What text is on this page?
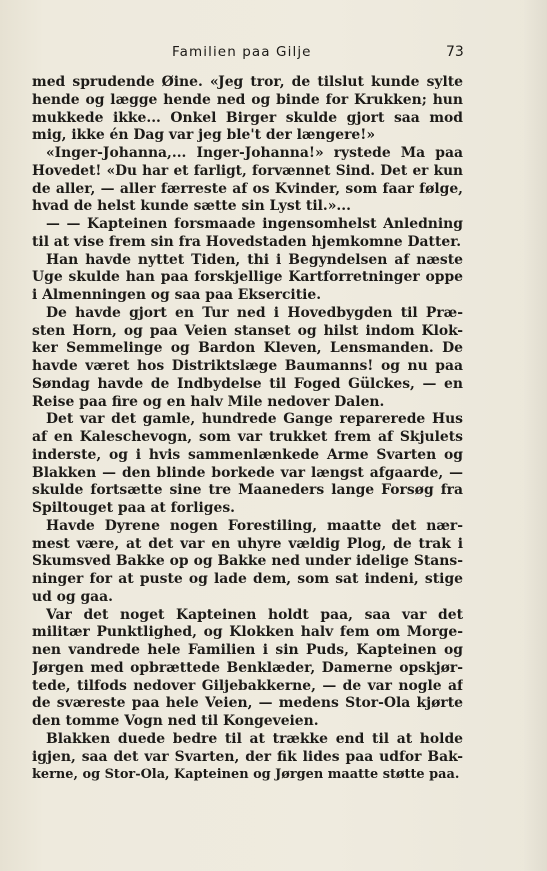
Familien paa Gilje	73
med sprudende Øine. «Jeg tror, de tilslut kunde sylte
hende og lægge hende ned og binde for Krukken; hun
mukkede ikke... Onkel Birger skulde gjort saa mod
mig, ikke én Dag var jeg ble't der længere!»
«Inger-Johanna,... Inger-Johanna!» rystede Ma paa
Hovedet! «Du har et farligt, forvænnet Sind. Det er kun
de aller, — aller færreste af os Kvinder, som faar følge,
hvad de helst kunde sætte sin Lyst til.»...
— — Kapteinen forsmaade ingensomhelst Anledning
til at vise frem sin fra Hovedstaden hjemkomne Datter.
Han havde nyttet Tiden, thi i Begyndelsen af næste
Uge skulde han paa forskjellige Kartforretninger oppe
i Almenningen og saa paa Eksercitie.
De havde gjort en Tur ned i Hovedbygden til Præ-
sten Horn, og paa Veien stanset og hilst indom Klok-
ker Semmelinge og Bardon Kleven, Lensmanden. De
havde været hos Distriktslæge Baumanns! og nu paa
Søndag havde de Indbydelse til Foged Gülckes, — en
Reise paa fire og en halv Mile nedover Dalen.
Det var det gamle, hundrede Gange reparerede Hus
af en Kaleschevogn, som var trukket frem af Skjulets
inderste, og i hvis sammenlænkede Arme Svarten og
Blakken — den blinde borkede var længst afgaarde, —
skulde fortsætte sine tre Maaneders lange Forsøg fra
Spiltouget paa at forliges.
Havde Dyrene nogen Forestiling, maatte det nær-
mest være, at det var en uhyre vældig Plog, de trak i
Skumsved Bakke op og Bakke ned under idelige Stans-
ninger for at puste og lade dem, som sat indeni, stige
ud og gaa.
Var det noget Kapteinen holdt paa, saa var det
militær Punktlighed, og Klokken halv fem om Morge-
nen vandrede hele Familien i sin Puds, Kapteinen og
Jørgen med opbrættede Benklæder, Damerne opskjør-
tede, tilfods nedover Giljebakkerne, — de var nogle af
de sværeste paa hele Veien, — medens Stor-Ola kjørte
den tomme Vogn ned til Kongeveien.
Blakken duede bedre til at trække end til at holde
igjen, saa det var Svarten, der fik lides paa udfor Bak-
kerne, og Stor-Ola, Kapteinen og Jørgen maatte støtte paa.
